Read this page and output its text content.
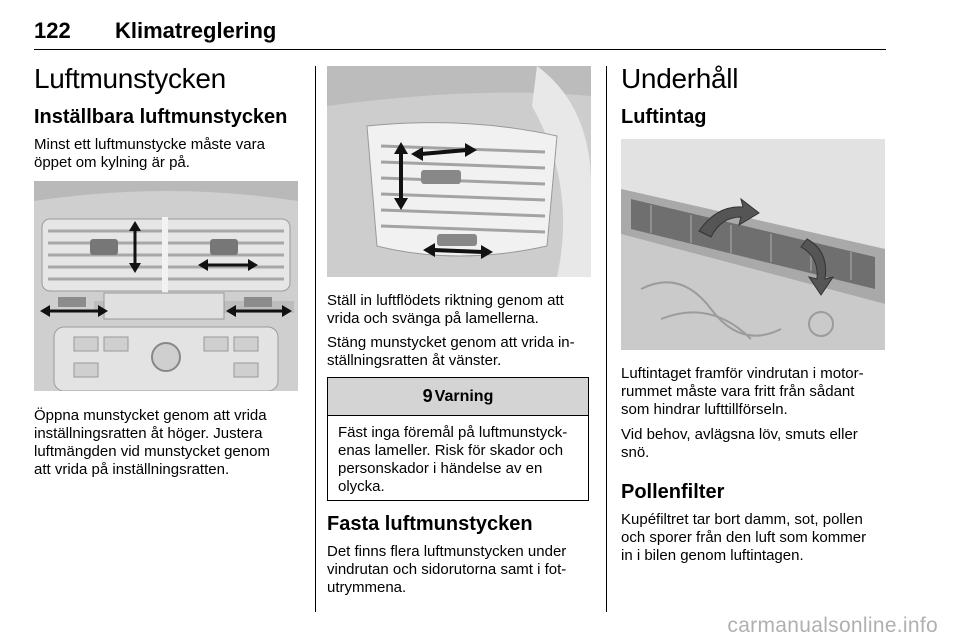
122 Klimatreglering
Luftmunstycken
Inställbara luftmunstycken
Minst ett luftmunstycke måste vara
öppet om kylning är på.
Öppna munstycket genom att vrida
inställningsratten åt höger. Justera
luftmängden vid munstycket genom
att vrida på inställningsratten.
Ställ in luftflödets riktning genom att
vrida och svänga på lamellerna.
Stäng munstycket genom att vrida in-
ställningsratten åt vänster.
9 Varning
Fäst inga föremål på luftmunstyck-
enas lameller. Risk för skador och
personskador i händelse av en
olycka.
Fasta luftmunstycken
Det finns flera luftmunstycken under
vindrutan och sidorutorna samt i fot-
utrymmena.
Underhåll
Luftintag
Luftintaget framför vindrutan i motor-
rummet måste vara fritt från sådant
som hindrar lufttillförseln.
Vid behov, avlägsna löv, smuts eller
snö.
Pollenfilter
Kupéfiltret tar bort damm, sot, pollen
och sporer från den luft som kommer
in i bilen genom luftintagen.
carmanualsonline.info
